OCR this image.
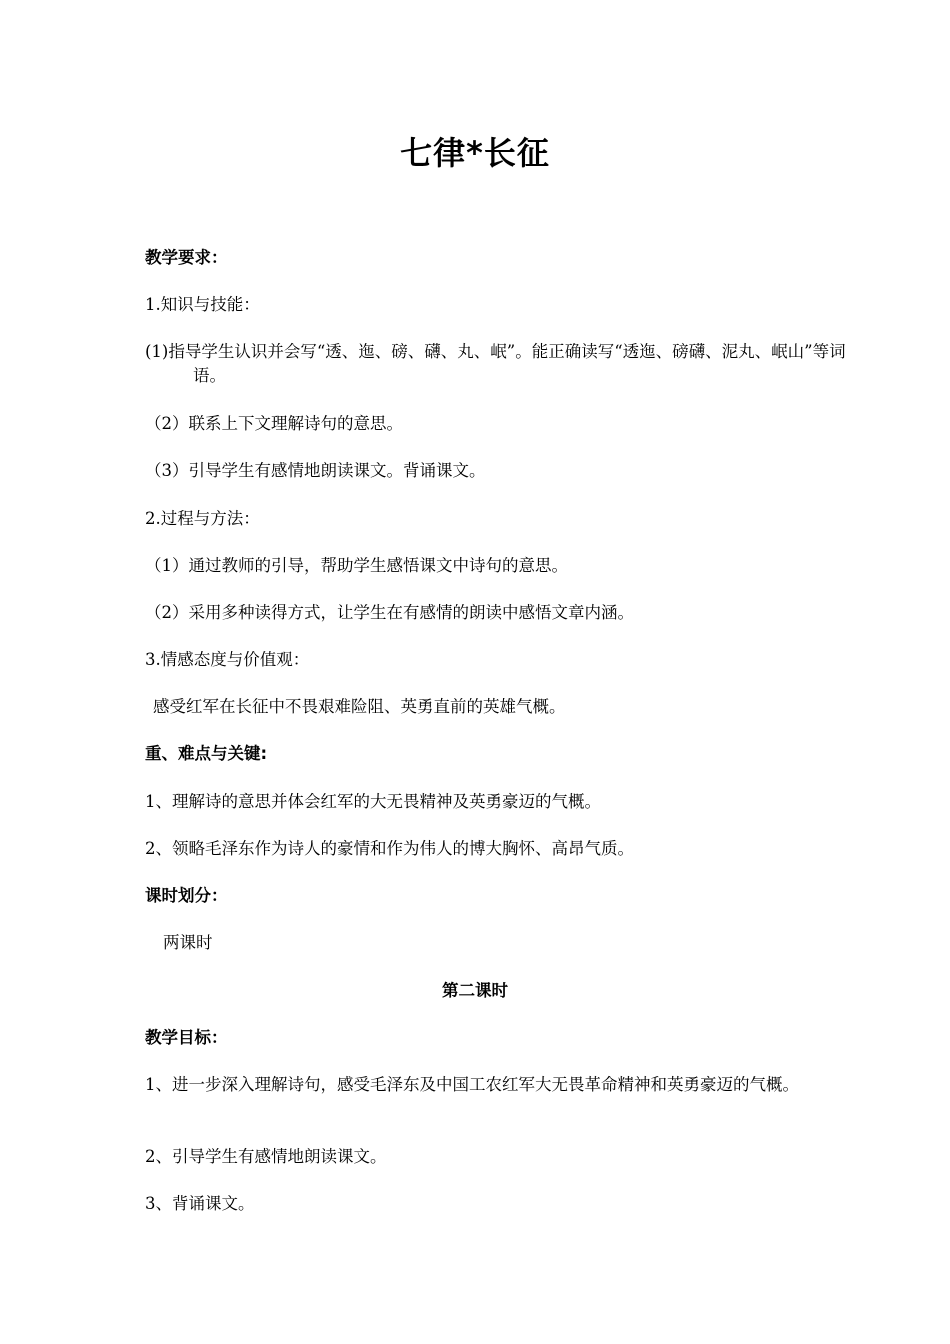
七律*长征
教学要求：
1.知识与技能：
(1)指导学生认识并会写“透、迤、磅、礴、丸、岷”。能正确读写“透迤、磅礴、泥丸、岷山”等词语。
（2）联系上下文理解诗句的意思。
（3）引导学生有感情地朗读课文。背诵课文。
2.过程与方法：
（1）通过教师的引导，帮助学生感悟课文中诗句的意思。
（2）采用多种读得方式，让学生在有感情的朗读中感悟文章内涵。
3.情感态度与价值观：
感受红军在长征中不畏艰难险阻、英勇直前的英雄气概。
重、难点与关键:
1、理解诗的意思并体会红军的大无畏精神及英勇豪迈的气概。
2、领略毛泽东作为诗人的豪情和作为伟人的博大胸怀、高昂气质。
课时划分：
两课时
第二课时
教学目标：
1、进一步深入理解诗句，感受毛泽东及中国工农红军大无畏革命精神和英勇豪迈的气概。
2、引导学生有感情地朗读课文。
3、背诵课文。
